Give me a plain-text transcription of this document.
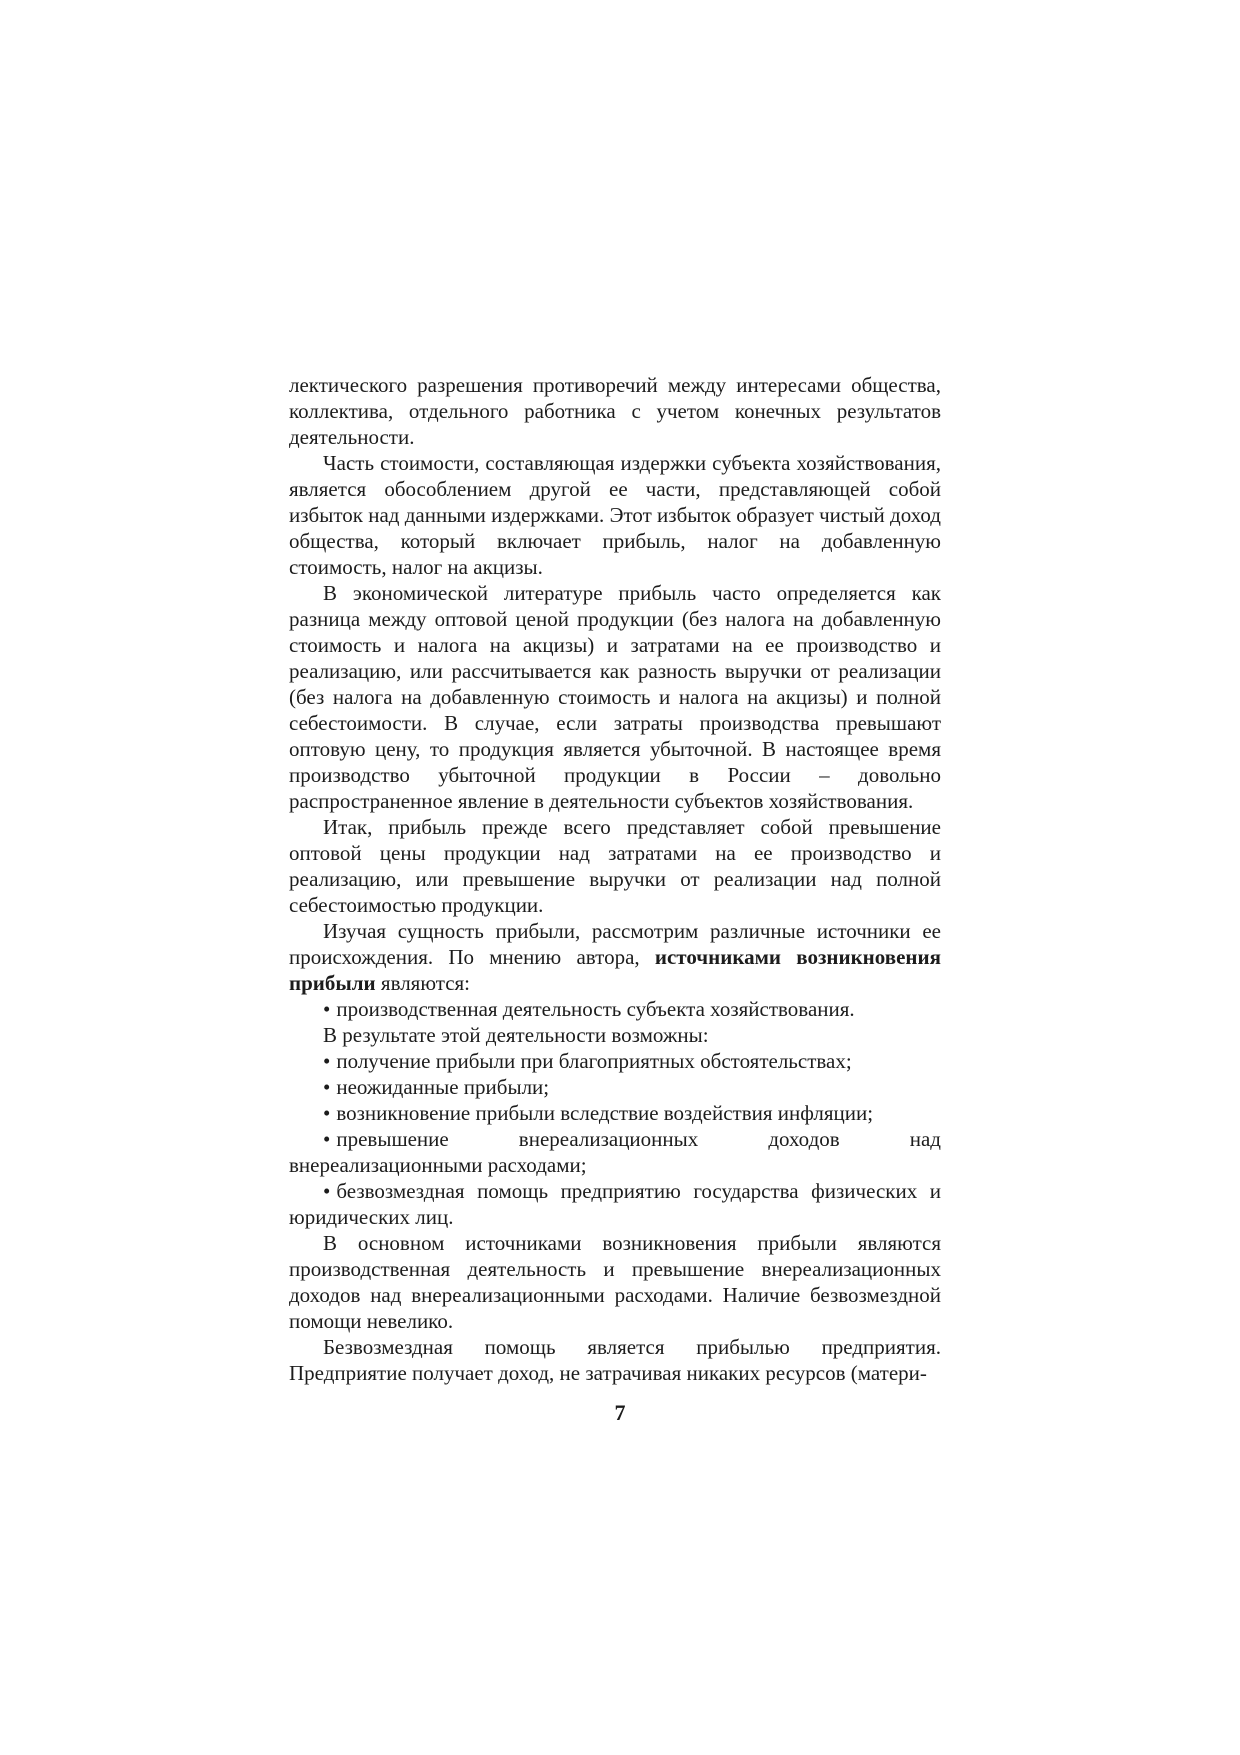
лектического разрешения противоречий между интересами общества, коллектива, отдельного работника с учетом конечных результатов деятельности.

Часть стоимости, составляющая издержки субъекта хозяйствования, является обособлением другой ее части, представляющей собой избыток над данными издержками. Этот избыток образует чистый доход общества, который включает прибыль, налог на добавленную стоимость, налог на акцизы.

В экономической литературе прибыль часто определяется как разница между оптовой ценой продукции (без налога на добавленную стоимость и налога на акцизы) и затратами на ее производство и реализацию, или рассчитывается как разность выручки от реализации (без налога на добавленную стоимость и налога на акцизы) и полной себестоимости. В случае, если затраты производства превышают оптовую цену, то продукция является убыточной. В настоящее время производство убыточной продукции в России – довольно распространенное явление в деятельности субъектов хозяйствования.

Итак, прибыль прежде всего представляет собой превышение оптовой цены продукции над затратами на ее производство и реализацию, или превышение выручки от реализации над полной себестоимостью продукции.

Изучая сущность прибыли, рассмотрим различные источники ее происхождения. По мнению автора, источниками возникновения прибыли являются:

• производственная деятельность субъекта хозяйствования.

В результате этой деятельности возможны:

• получение прибыли при благоприятных обстоятельствах;

• неожиданные прибыли;

• возникновение прибыли вследствие воздействия инфляции;

• превышение внереализационных доходов над внереализационными расходами;

• безвозмездная помощь предприятию государства физических и юридических лиц.

В основном источниками возникновения прибыли являются производственная деятельность и превышение внереализационных доходов над внереализационными расходами. Наличие безвозмездной помощи невелико.

Безвозмездная помощь является прибылью предприятия. Предприятие получает доход, не затрачивая никаких ресурсов (матери-

7
